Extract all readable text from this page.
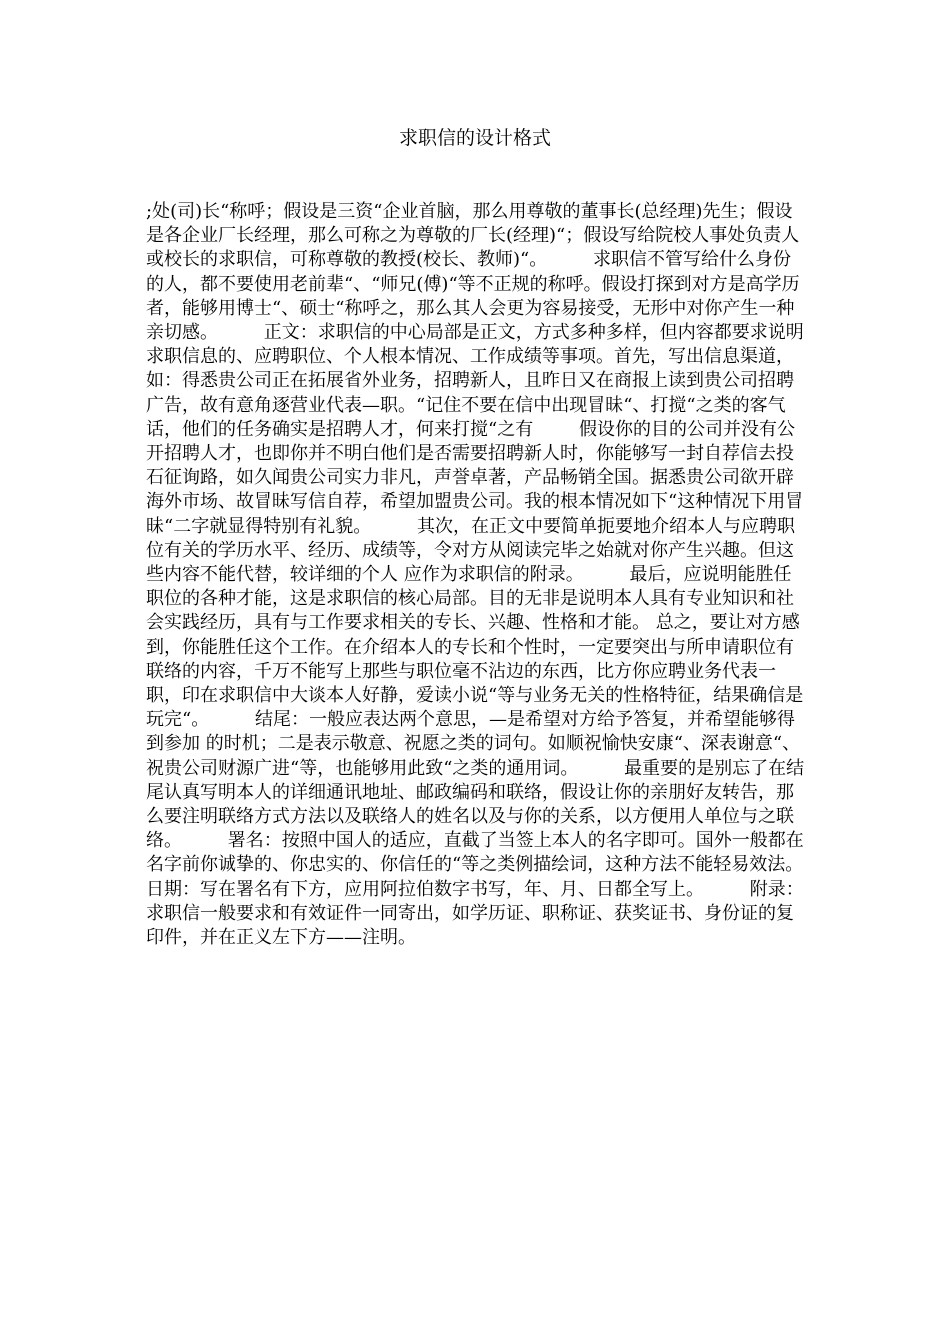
求职信的设计格式

;处(司)长“称呼；假设是三资“企业首脑，那么用尊敬的董事长(总经理)先生；假设是各企业厂长经理，那么可称之为尊敬的厂长(经理)“；假设写给院校人事处负责人或校长的求职信，可称尊敬的教授(校长、教师)“。        求职信不管写给什么身份的人，都不要使用老前辈“、“师兄(傅)“等不正规的称呼。假设打探到对方是高学历者，能够用博士“、硕士“称呼之，那么其人会更为容易接受，无形中对你产生一种亲切感。        正文：求职信的中心局部是正文，方式多种多样，但内容都要求说明求职信息的、应聘职位、个人根本情况、工作成绩等事项。首先，写出信息渠道，如：得悉贵公司正在拓展省外业务，招聘新人，且昨日又在商报上读到贵公司招聘广告，故有意角逐营业代表—职。“记住不要在信中出现冒昧“、打搅“之类的客气话，他们的任务确实是招聘人才，何来打搅“之有        假设你的目的公司并没有公开招聘人才，也即你并不明白他们是否需要招聘新人时，你能够写一封自荐信去投石征询路，如久闻贵公司实力非凡，声誉卓著，产品畅销全国。据悉贵公司欲开辟海外市场、故冒昧写信自荐，希望加盟贵公司。我的根本情况如下“这种情况下用冒昧“二字就显得特别有礼貌。        其次，在正文中要简单扼要地介绍本人与应聘职位有关的学历水平、经历、成绩等，令对方从阅读完毕之始就对你产生兴趣。但这些内容不能代替，较详细的个人 应作为求职信的附录。        最后，应说明能胜任职位的各种才能，这是求职信的核心局部。目的无非是说明本人具有专业知识和社会实践经历，具有与工作要求相关的专长、兴趣、性格和才能。 总之，要让对方感到，你能胜任这个工作。在介绍本人的专长和个性时，一定要突出与所申请职位有联络的内容，千万不能写上那些与职位毫不沾边的东西，比方你应聘业务代表一职，印在求职信中大谈本人好静，爱读小说“等与业务无关的性格特征，结果确信是玩完“。        结尾：一般应表达两个意思，—是希望对方给予答复，并希望能够得到参加 的时机；二是表示敬意、祝愿之类的词句。如顺祝愉快安康“、深表谢意“、祝贵公司财源广进“等，也能够用此致“之类的通用词。        最重要的是别忘了在结尾认真写明本人的详细通讯地址、邮政编码和联络，假设让你的亲朋好友转告，那么要注明联络方式方法以及联络人的姓名以及与你的关系，以方便用人单位与之联络。        署名：按照中国人的适应，直截了当签上本人的名字即可。国外一般都在名字前你诚挚的、你忠实的、你信任的“等之类例描绘词，这种方法不能轻易效法。        日期：写在署名有下方，应用阿拉伯数字书写，年、月、日都全写上。        附录：求职信一般要求和有效证件一同寄出，如学历证、职称证、获奖证书、身份证的复印件，并在正义左下方——注明。
